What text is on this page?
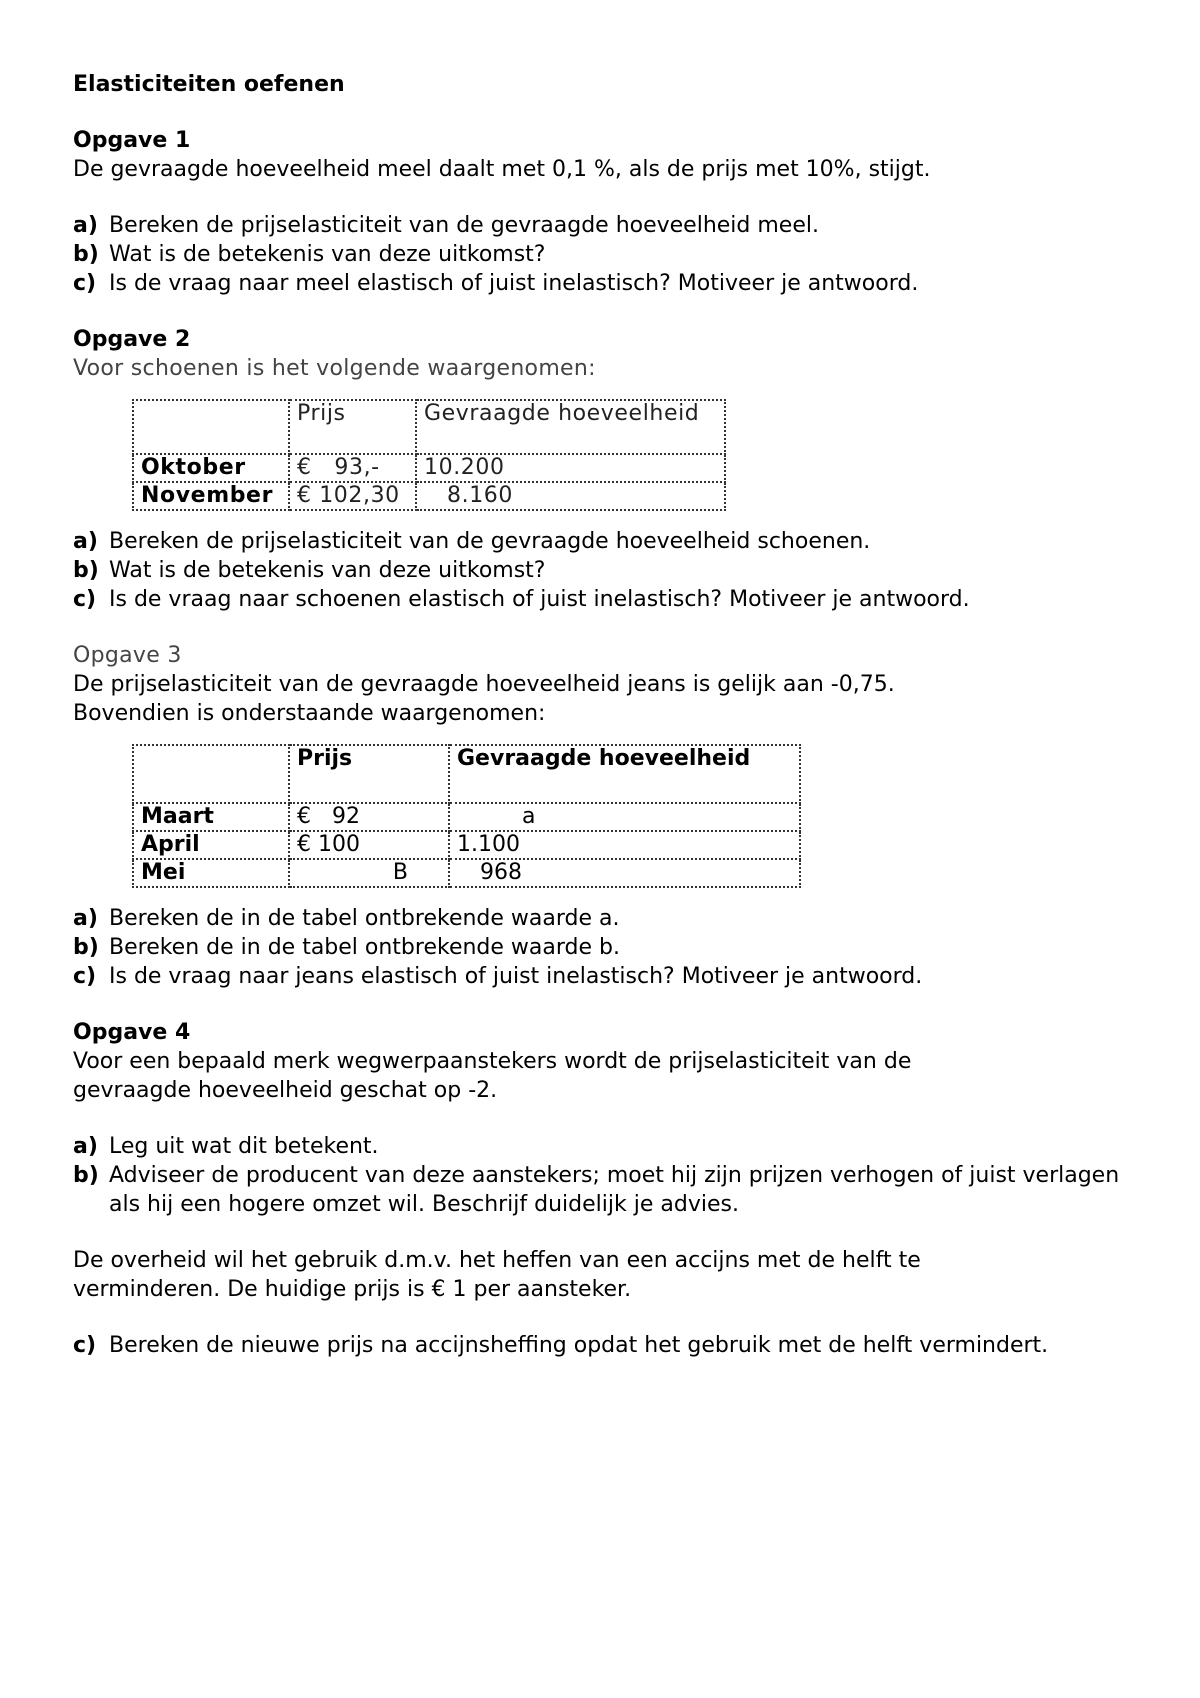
Elasticiteiten oefenen
Opgave 1
De gevraagde hoeveelheid meel daalt met 0,1 %, als de prijs met 10%, stijgt.
a) Bereken de prijselasticiteit van de gevraagde hoeveelheid meel.
b) Wat is de betekenis van deze uitkomst?
c) Is de vraag naar meel elastisch of juist inelastisch? Motiveer je antwoord.
Opgave 2
Voor schoenen is het volgende waargenomen:
	Prijs	Gevraagde hoeveelheid
Oktober	€   93,-	10.200
November	€ 102,30	8.160
a) Bereken de prijselasticiteit van de gevraagde hoeveelheid schoenen.
b) Wat is de betekenis van deze uitkomst?
c) Is de vraag naar schoenen elastisch of juist inelastisch? Motiveer je antwoord.
Opgave 3
De prijselasticiteit van de gevraagde hoeveelheid jeans is gelijk aan -0,75.
Bovendien is onderstaande waargenomen:
	Prijs	Gevraagde hoeveelheid
Maart	€   92	a
April	€ 100	1.100
Mei	B	968
a) Bereken de in de tabel ontbrekende waarde a.
b) Bereken de in de tabel ontbrekende waarde b.
c) Is de vraag naar jeans elastisch of juist inelastisch? Motiveer je antwoord.
Opgave 4
Voor een bepaald merk wegwerpaanstekers wordt de prijselasticiteit van de
gevraagde hoeveelheid geschat op -2.
a) Leg uit wat dit betekent.
b) Adviseer de producent van deze aanstekers; moet hij zijn prijzen verhogen of juist verlagen als hij een hogere omzet wil. Beschrijf duidelijk je advies.
De overheid wil het gebruik d.m.v. het heffen van een accijns met de helft te
verminderen. De huidige prijs is € 1 per aansteker.
c) Bereken de nieuwe prijs na accijnsheffing opdat het gebruik met de helft vermindert.
